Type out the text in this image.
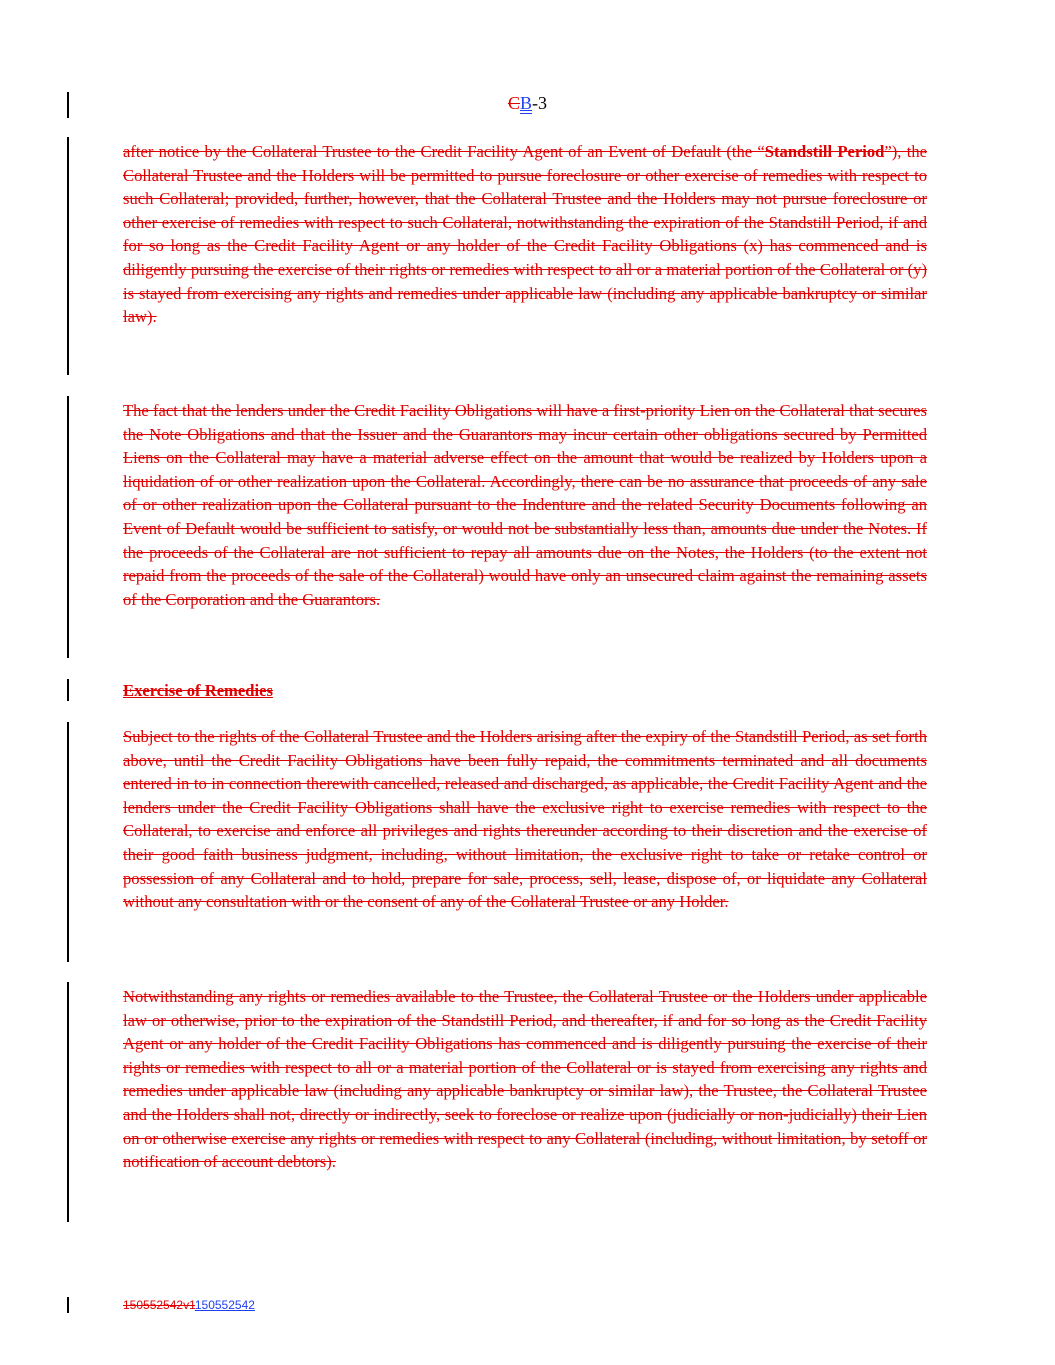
CB-3

after notice by the Collateral Trustee to the Credit Facility Agent of an Event of Default (the “Standstill Period”), the Collateral Trustee and the Holders will be permitted to pursue foreclosure or other exercise of remedies with respect to such Collateral; provided, further, however, that the Collateral Trustee and the Holders may not pursue foreclosure or other exercise of remedies with respect to such Collateral, notwithstanding the expiration of the Standstill Period, if and for so long as the Credit Facility Agent or any holder of the Credit Facility Obligations (x) has commenced and is diligently pursuing the exercise of their rights or remedies with respect to all or a material portion of the Collateral or (y) is stayed from exercising any rights and remedies under applicable law (including any applicable bankruptcy or similar law).

The fact that the lenders under the Credit Facility Obligations will have a first-priority Lien on the Collateral that secures the Note Obligations and that the Issuer and the Guarantors may incur certain other obligations secured by Permitted Liens on the Collateral may have a material adverse effect on the amount that would be realized by Holders upon a liquidation of or other realization upon the Collateral. Accordingly, there can be no assurance that proceeds of any sale of or other realization upon the Collateral pursuant to the Indenture and the related Security Documents following an Event of Default would be sufficient to satisfy, or would not be substantially less than, amounts due under the Notes. If the proceeds of the Collateral are not sufficient to repay all amounts due on the Notes, the Holders (to the extent not repaid from the proceeds of the sale of the Collateral) would have only an unsecured claim against the remaining assets of the Corporation and the Guarantors.

Exercise of Remedies

Subject to the rights of the Collateral Trustee and the Holders arising after the expiry of the Standstill Period, as set forth above, until the Credit Facility Obligations have been fully repaid, the commitments terminated and all documents entered in to in connection therewith cancelled, released and discharged, as applicable, the Credit Facility Agent and the lenders under the Credit Facility Obligations shall have the exclusive right to exercise remedies with respect to the Collateral, to exercise and enforce all privileges and rights thereunder according to their discretion and the exercise of their good faith business judgment, including, without limitation, the exclusive right to take or retake control or possession of any Collateral and to hold, prepare for sale, process, sell, lease, dispose of, or liquidate any Collateral without any consultation with or the consent of any of the Collateral Trustee or any Holder.

Notwithstanding any rights or remedies available to the Trustee, the Collateral Trustee or the Holders under applicable law or otherwise, prior to the expiration of the Standstill Period, and thereafter, if and for so long as the Credit Facility Agent or any holder of the Credit Facility Obligations has commenced and is diligently pursuing the exercise of their rights or remedies with respect to all or a material portion of the Collateral or is stayed from exercising any rights and remedies under applicable law (including any applicable bankruptcy or similar law), the Trustee, the Collateral Trustee and the Holders shall not, directly or indirectly, seek to foreclose or realize upon (judicially or non-judicially) their Lien on or otherwise exercise any rights or remedies with respect to any Collateral (including, without limitation, by setoff or notification of account debtors).

150552542v1150552542
